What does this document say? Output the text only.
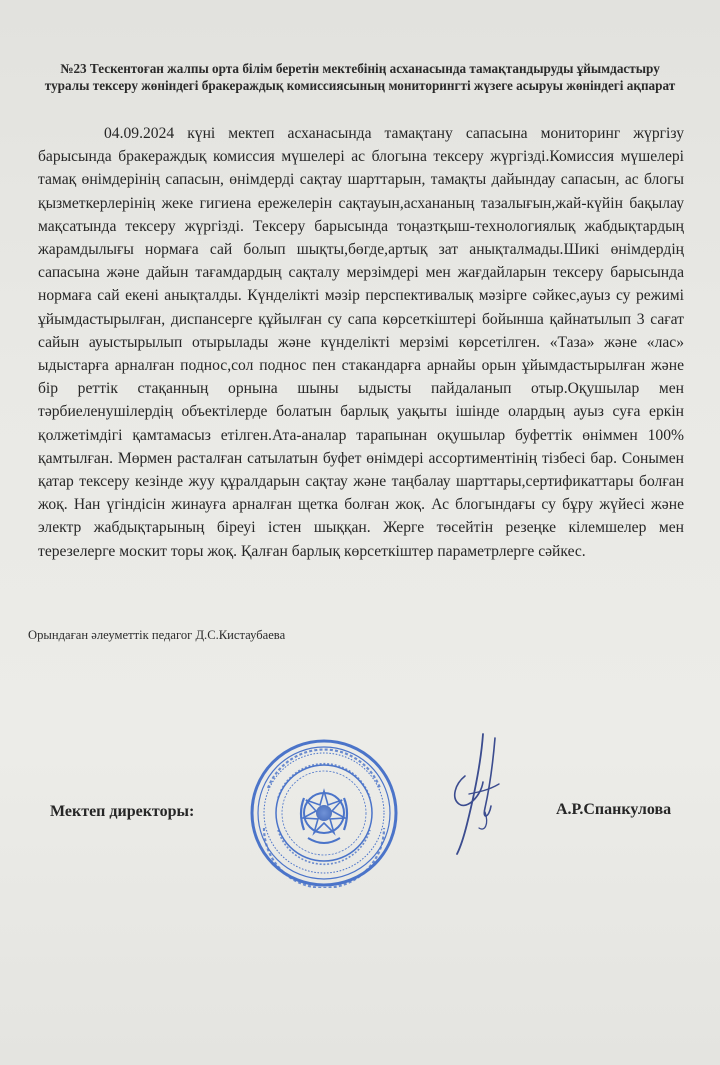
№23 Тескентоған жалпы орта білім беретін мектебінің асханасында тамақтандыруды ұйымдастыру туралы тексеру жөніндегі бракераждық комиссиясының мониторингті жүзеге асыруы жөніндегі ақпарат

04.09.2024 күні мектеп асханасында тамақтану сапасына мониторинг жүргізу барысында бракераждық комиссия мүшелері ас блогына тексеру жүргізді.Комиссия мүшелері тамақ өнімдерінің сапасын, өнімдерді сақтау шарттарын, тамақты дайындау сапасын, ас блогы қызметкерлерінің жеке гигиена ережелерін сақтауын,асхананың тазалығын,жай-күйін бақылау мақсатында тексеру жүргізді. Тексеру барысында тоңазтқыш-технологиялық жабдықтардың жарамдылығы нормаға сай болып шықты,бөгде,артық зат анықталмады.Шикі өнімдердің сапасына және дайын тағамдардың сақталу мерзімдері мен жағдайларын тексеру барысында нормаға сай екені анықталды. Күнделікті мәзір перспективалық мәзірге сәйкес,ауыз су режимі ұйымдастырылған, диспансерге құйылған су сапа көрсеткіштері бойынша қайнатылып 3 сағат сайын ауыстырылып отырылады және күнделікті мерзімі көрсетілген. «Таза» және «лас» ыдыстарға арналған поднос,сол поднос пен стакандарға арнайы орын ұйымдастырылған және бір реттік стақанның орнына шыны ыдысты пайдаланып отыр.Оқушылар мен тәрбиеленушілердің объектілерде болатын барлық уақыты ішінде олардың ауыз суға еркін қолжетімдігі қамтамасыз етілген.Ата-аналар тарапынан оқушылар буфеттік өніммен 100% қамтылған. Мөрмен расталған сатылатын буфет өнімдері ассортиментінің тізбесі бар. Сонымен қатар тексеру кезінде жуу құралдарын сақтау және таңбалау шарттары,сертификаттары болған жоқ. Нан үгіндісін жинауға арналған щетка болған жоқ. Ас блогындағы су бұру жүйесі және электр жабдықтарының біреуі істен шыққан. Жерге төсейтін резеңке кілемшелер мен терезелерге москит торы жоқ. Қалған барлық көрсеткіштер параметрлерге сәйкес.

Орындаған әлеуметтік педагог Д.С.Кистаубаева
Мектеп директоры:	А.Р.Спанкулова
